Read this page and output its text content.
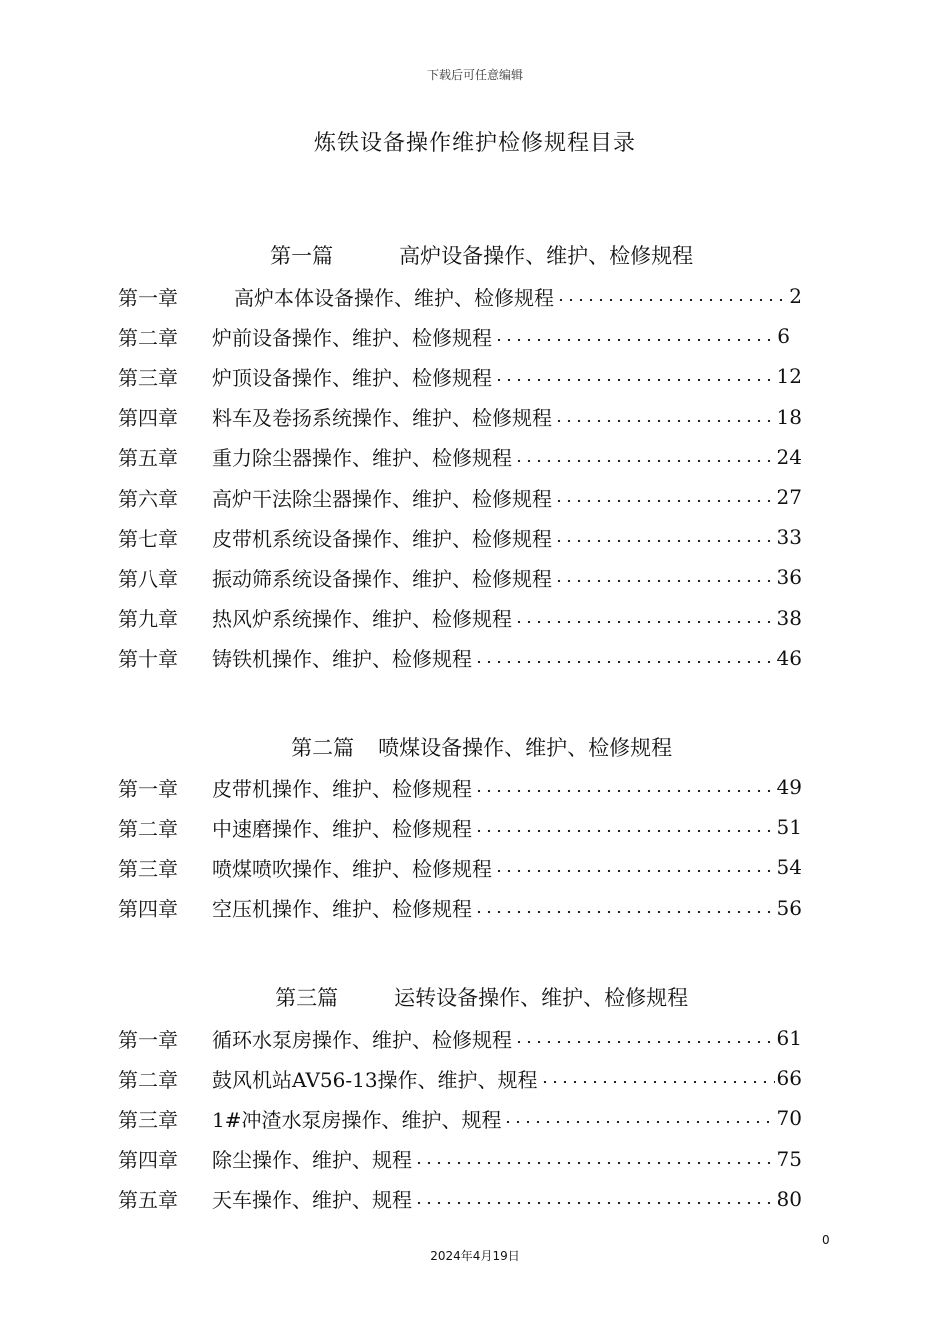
下载后可任意编辑
炼铁设备操作维护检修规程目录

第一篇	高炉设备操作、维护、检修规程

第一章	高炉本体设备操作、维护、检修规程	2
第二章	炉前设备操作、维护、检修规程	6
第三章	炉顶设备操作、维护、检修规程	12
第四章	料车及卷扬系统操作、维护、检修规程	18
第五章	重力除尘器操作、维护、检修规程	24
第六章	高炉干法除尘器操作、维护、检修规程	27
第七章	皮带机系统设备操作、维护、检修规程	33
第八章	振动筛系统设备操作、维护、检修规程	36
第九章	热风炉系统操作、维护、检修规程	38
第十章	铸铁机操作、维护、检修规程	46

第二篇 喷煤设备操作、维护、检修规程

第一章	皮带机操作、维护、检修规程	49
第二章	中速磨操作、维护、检修规程	51
第三章	喷煤喷吹操作、维护、检修规程	54
第四章	空压机操作、维护、检修规程	56

第三篇	运转设备操作、维护、检修规程

第一章	循环水泵房操作、维护、检修规程	61
第二章	鼓风机站AV56-13操作、维护、规程	66
第三章	1#冲渣水泵房操作、维护、规程	70
第四章	除尘操作、维护、规程	75
第五章	天车操作、维护、规程	80
0
2024年4月19日
